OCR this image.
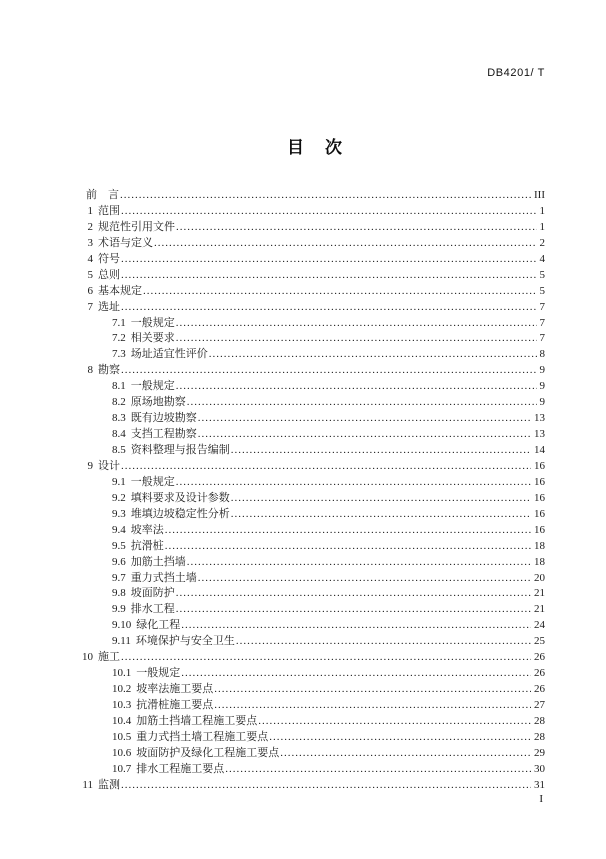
DB4201/ T
目　次
前　言 .....	III
1 范围 .....	1
2 规范性引用文件 .....	1
3 术语与定义 .....	2
4 符号 .....	4
5 总则 .....	5
6 基本规定 .....	5
7 选址 .....	7
7.1 一般规定 .....	7
7.2 相关要求 .....	7
7.3 场址适宜性评价 .....	8
8 勘察 .....	9
8.1 一般规定 .....	9
8.2 原场地勘察 .....	9
8.3 既有边坡勘察 .....	13
8.4 支挡工程勘察 .....	13
8.5 资料整理与报告编制 .....	14
9 设计 .....	16
9.1 一般规定 .....	16
9.2 填料要求及设计参数 .....	16
9.3 堆填边坡稳定性分析 .....	16
9.4 坡率法 .....	16
9.5 抗滑桩 .....	18
9.6 加筋土挡墙 .....	18
9.7 重力式挡土墙 .....	20
9.8 坡面防护 .....	21
9.9 排水工程 .....	21
9.10 绿化工程 .....	24
9.11 环境保护与安全卫生 .....	25
10 施工 .....	26
10.1 一般规定 .....	26
10.2 坡率法施工要点 .....	26
10.3 抗滑桩施工要点 .....	27
10.4 加筋土挡墙工程施工要点 .....	28
10.5 重力式挡土墙工程施工要点 .....	28
10.6 坡面防护及绿化工程施工要点 .....	29
10.7 排水工程施工要点 .....	30
11 监测 .....	31
I
